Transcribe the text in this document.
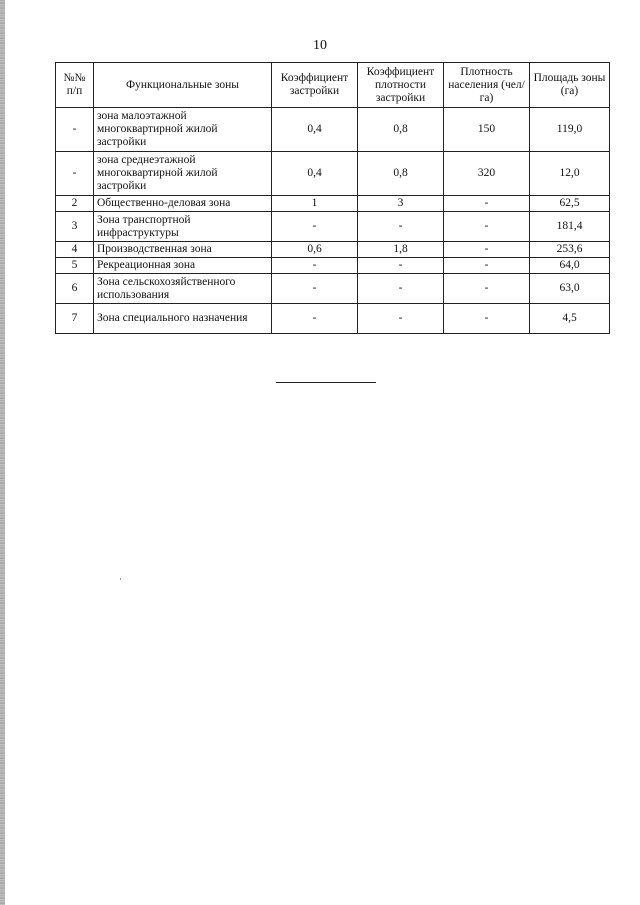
10
№№ п/п	Функциональные зоны	Коэффициент застройки	Коэффициент плотности застройки	Плотность населения (чел/га)	Площадь зоны (га)
-	зона малоэтажной многоквартирной жилой застройки	0,4	0,8	150	119,0
-	зона среднеэтажной многоквартирной жилой застройки	0,4	0,8	320	12,0
2	Общественно-деловая зона	1	3	-	62,5
3	Зона транспортной инфраструктуры	-	-	-	181,4
4	Производственная зона	0,6	1,8	-	253,6
5	Рекреационная зона	-	-	-	64,0
6	Зона сельскохозяйственного использования	-	-	-	63,0
7	Зона специального назначения	-	-	-	4,5
